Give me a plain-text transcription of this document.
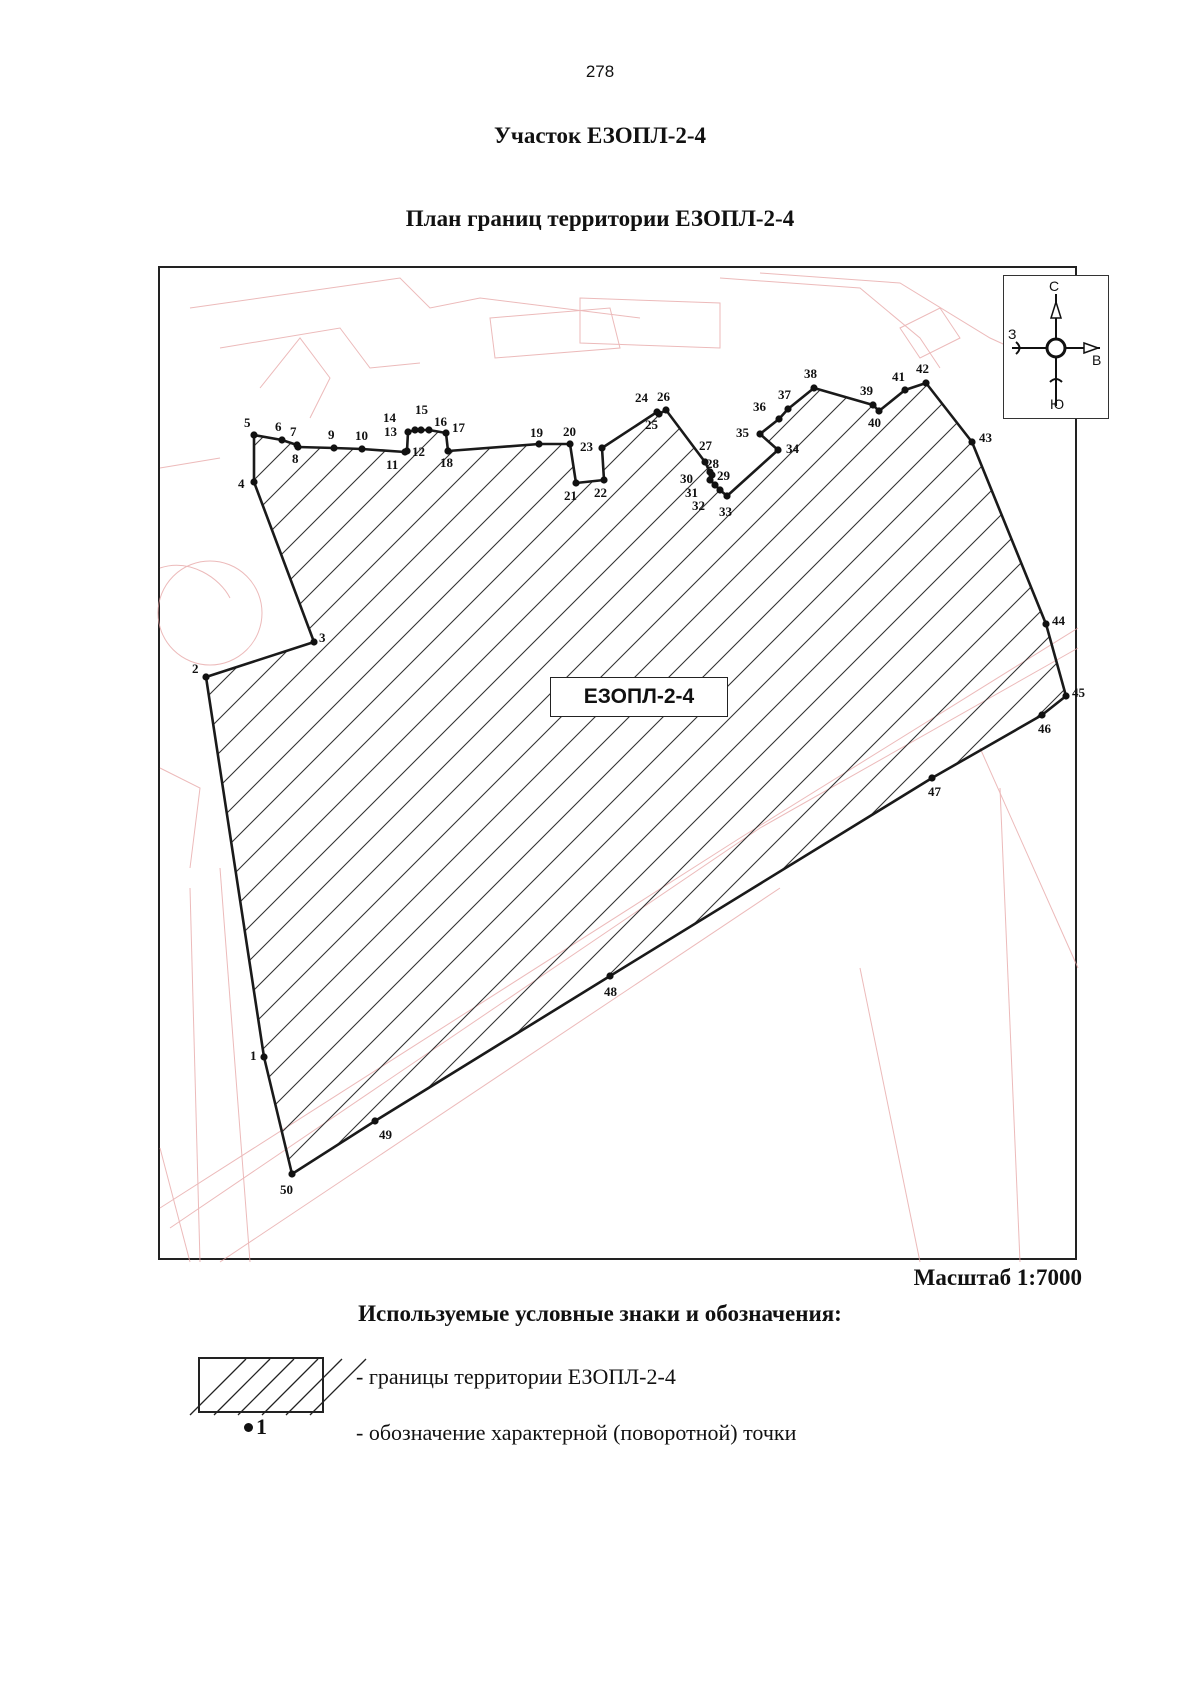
278
Участок ЕЗОПЛ-2-4
План границ территории ЕЗОПЛ-2-4
1
2
3
4
5 6 7
8
9 10
11
12
13
14
15
16 17
18
19 20
21 22
23
24
25
26
27
28
29
30
31
32 33
34
35
36
37
38
39
40
41
42
43
44
45
46
47
48
49
50
С
Ю
З
В
ЕЗОПЛ-2-4
Масштаб 1:7000
Используемые условные знаки и обозначения:
1
- границы территории ЕЗОПЛ-2-4
- обозначение характерной (поворотной) точки
